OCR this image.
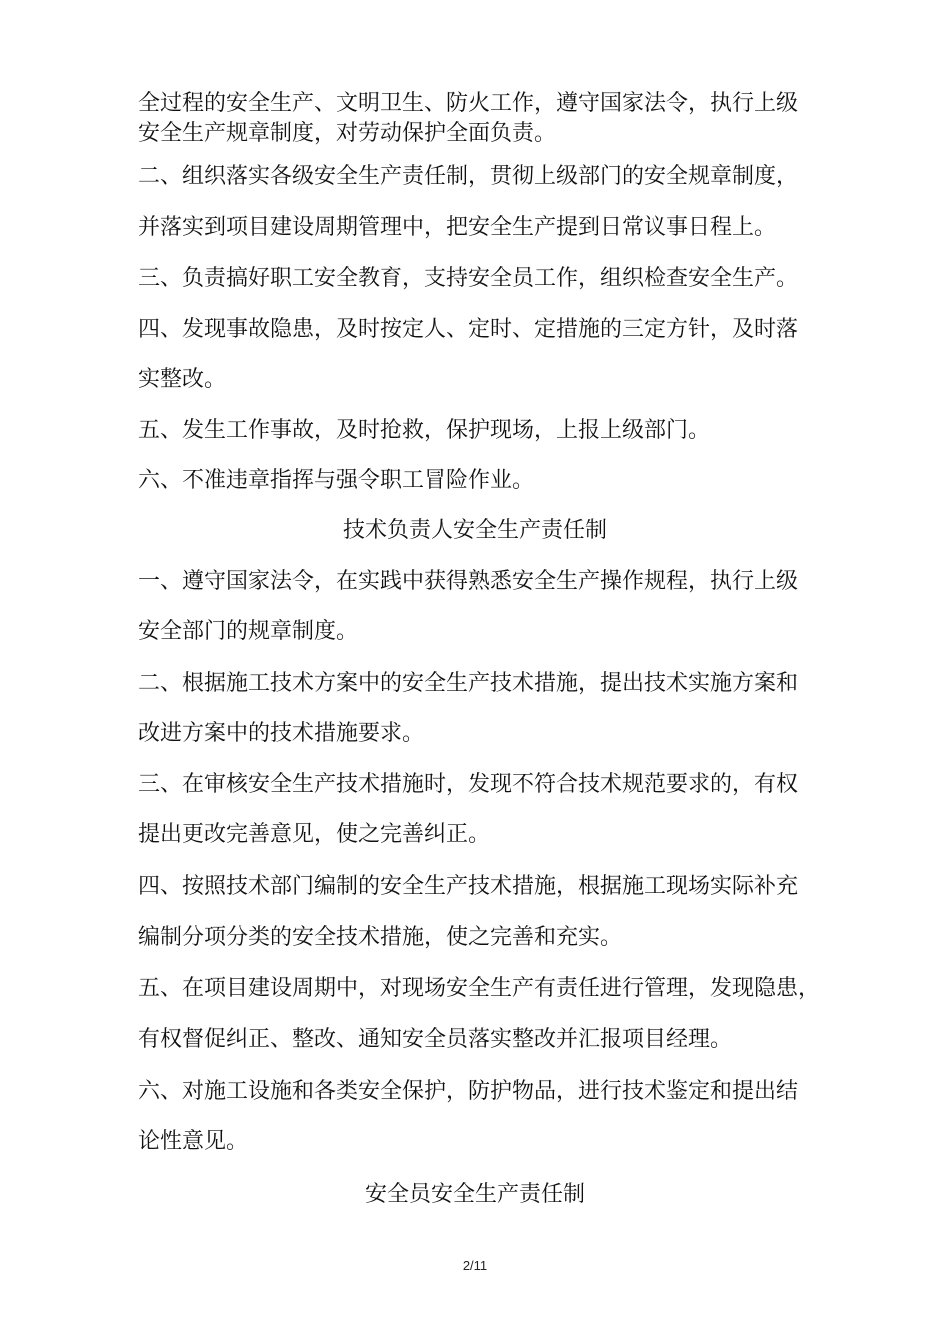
全过程的安全生产、文明卫生、防火工作，遵守国家法令，执行上级
安全生产规章制度，对劳动保护全面负责。
二、组织落实各级安全生产责任制，贯彻上级部门的安全规章制度，
并落实到项目建设周期管理中，把安全生产提到日常议事日程上。
三、负责搞好职工安全教育，支持安全员工作，组织检查安全生产。
四、发现事故隐患，及时按定人、定时、定措施的三定方针，及时落
实整改。
五、发生工作事故，及时抢救，保护现场，上报上级部门。
六、不准违章指挥与强令职工冒险作业。
技术负责人安全生产责任制
一、遵守国家法令，在实践中获得熟悉安全生产操作规程，执行上级
安全部门的规章制度。
二、根据施工技术方案中的安全生产技术措施，提出技术实施方案和
改进方案中的技术措施要求。
三、在审核安全生产技术措施时，发现不符合技术规范要求的，有权
提出更改完善意见，使之完善纠正。
四、按照技术部门编制的安全生产技术措施，根据施工现场实际补充
编制分项分类的安全技术措施，使之完善和充实。
五、在项目建设周期中，对现场安全生产有责任进行管理，发现隐患，
有权督促纠正、整改、通知安全员落实整改并汇报项目经理。
六、对施工设施和各类安全保护，防护物品，进行技术鉴定和提出结
论性意见。
安全员安全生产责任制
2/11
